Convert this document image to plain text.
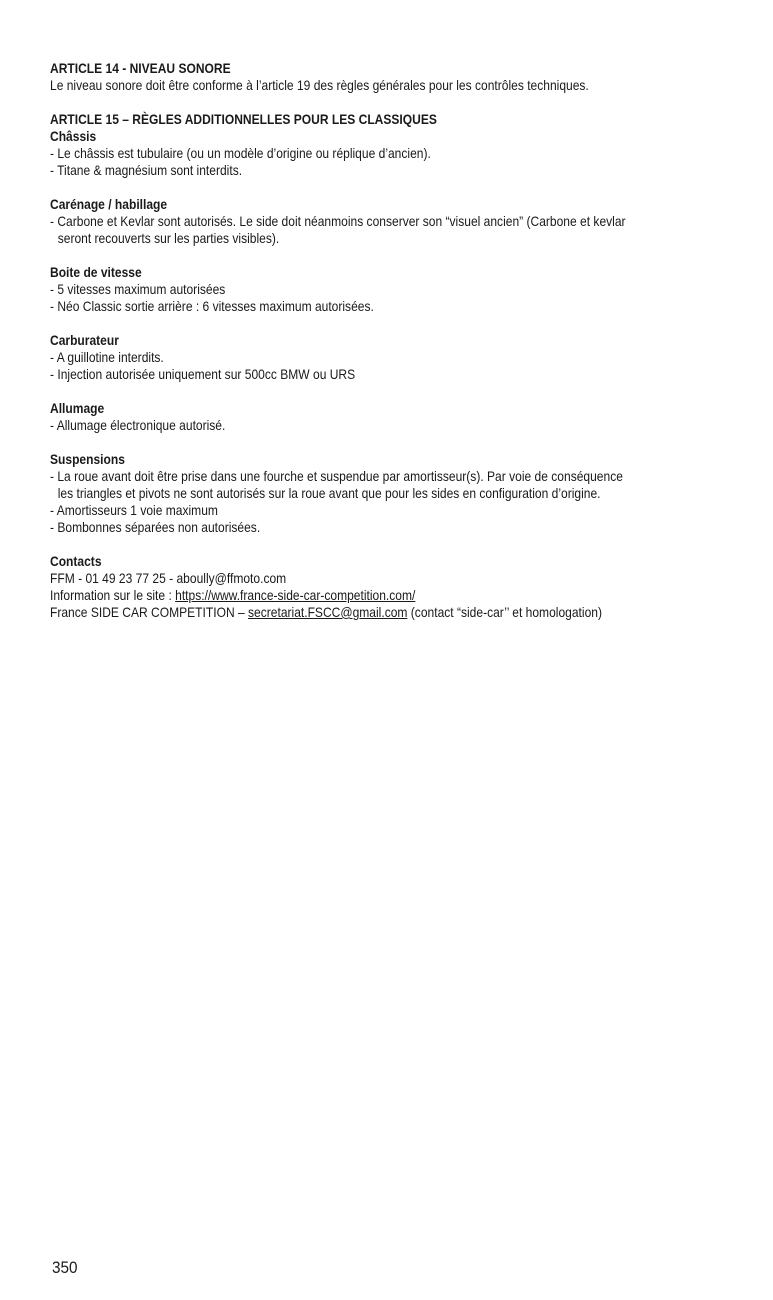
ARTICLE 14 - NIVEAU SONORE

Le niveau sonore doit être conforme à l’article 19 des règles générales pour les contrôles techniques.

ARTICLE 15 – RÈGLES ADDITIONNELLES POUR LES CLASSIQUES

Châssis

- Le châssis est tubulaire (ou un modèle d’origine ou réplique d’ancien).

- Titane & magnésium sont interdits.

Carénage / habillage

- Carbone et Kevlar sont autorisés. Le side doit néanmoins conserver son “visuel ancien” (Carbone et kevlar
seront recouverts sur les parties visibles).

Boite de vitesse

- 5 vitesses maximum autorisées

- Néo Classic sortie arrière : 6 vitesses maximum autorisées.

Carburateur

- A guillotine interdits.

- Injection autorisée uniquement sur 500cc BMW ou URS

Allumage

- Allumage électronique autorisé.

Suspensions

- La roue avant doit être prise dans une fourche et suspendue par amortisseur(s). Par voie de conséquence
les triangles et pivots ne sont autorisés sur la roue avant que pour les sides en configuration d’origine.

- Amortisseurs 1 voie maximum

- Bombonnes séparées non autorisées.

Contacts

FFM - 01 49 23 77 25 - aboully@ffmoto.com

Information sur le site : https://www.france-side-car-competition.com/

France SIDE CAR COMPETITION – secretariat.FSCC@gmail.com (contact “side-car’’ et homologation)

350
